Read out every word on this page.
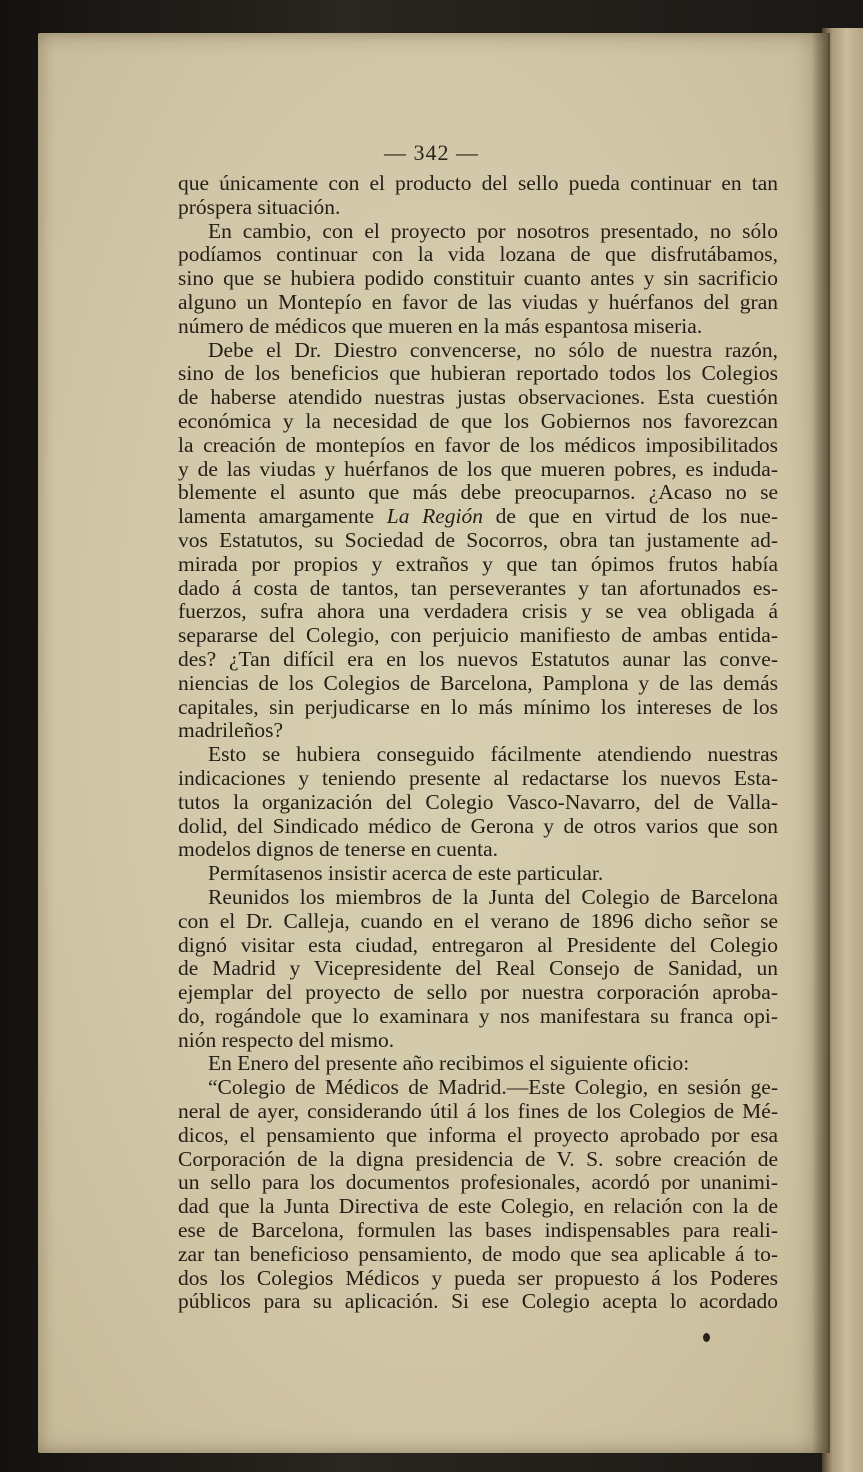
— 342 —
que únicamente con el producto del sello pueda continuar en tan
próspera situación.
En cambio, con el proyecto por nosotros presentado, no sólo
podíamos continuar con la vida lozana de que disfrutábamos,
sino que se hubiera podido constituir cuanto antes y sin sacrificio
alguno un Montepío en favor de las viudas y huérfanos del gran
número de médicos que mueren en la más espantosa miseria.
Debe el Dr. Diestro convencerse, no sólo de nuestra razón,
sino de los beneficios que hubieran reportado todos los Colegios
de haberse atendido nuestras justas observaciones. Esta cuestión
económica y la necesidad de que los Gobiernos nos favorezcan
la creación de montepíos en favor de los médicos imposibilitados
y de las viudas y huérfanos de los que mueren pobres, es induda-
blemente el asunto que más debe preocuparnos. ¿Acaso no se
lamenta amargamente La Región de que en virtud de los nue-
vos Estatutos, su Sociedad de Socorros, obra tan justamente ad-
mirada por propios y extraños y que tan ópimos frutos había
dado á costa de tantos, tan perseverantes y tan afortunados es-
fuerzos, sufra ahora una verdadera crisis y se vea obligada á
separarse del Colegio, con perjuicio manifiesto de ambas entida-
des? ¿Tan difícil era en los nuevos Estatutos aunar las conve-
niencias de los Colegios de Barcelona, Pamplona y de las demás
capitales, sin perjudicarse en lo más mínimo los intereses de los
madrileños?
Esto se hubiera conseguido fácilmente atendiendo nuestras
indicaciones y teniendo presente al redactarse los nuevos Esta-
tutos la organización del Colegio Vasco-Navarro, del de Valla-
dolid, del Sindicado médico de Gerona y de otros varios que son
modelos dignos de tenerse en cuenta.
Permítasenos insistir acerca de este particular.
Reunidos los miembros de la Junta del Colegio de Barcelona
con el Dr. Calleja, cuando en el verano de 1896 dicho señor se
dignó visitar esta ciudad, entregaron al Presidente del Colegio
de Madrid y Vicepresidente del Real Consejo de Sanidad, un
ejemplar del proyecto de sello por nuestra corporación aproba-
do, rogándole que lo examinara y nos manifestara su franca opi-
nión respecto del mismo.
En Enero del presente año recibimos el siguiente oficio:
“Colegio de Médicos de Madrid.—Este Colegio, en sesión ge-
neral de ayer, considerando útil á los fines de los Colegios de Mé-
dicos, el pensamiento que informa el proyecto aprobado por esa
Corporación de la digna presidencia de V. S. sobre creación de
un sello para los documentos profesionales, acordó por unanimi-
dad que la Junta Directiva de este Colegio, en relación con la de
ese de Barcelona, formulen las bases indispensables para reali-
zar tan beneficioso pensamiento, de modo que sea aplicable á to-
dos los Colegios Médicos y pueda ser propuesto á los Poderes
públicos para su aplicación. Si ese Colegio acepta lo acordado
